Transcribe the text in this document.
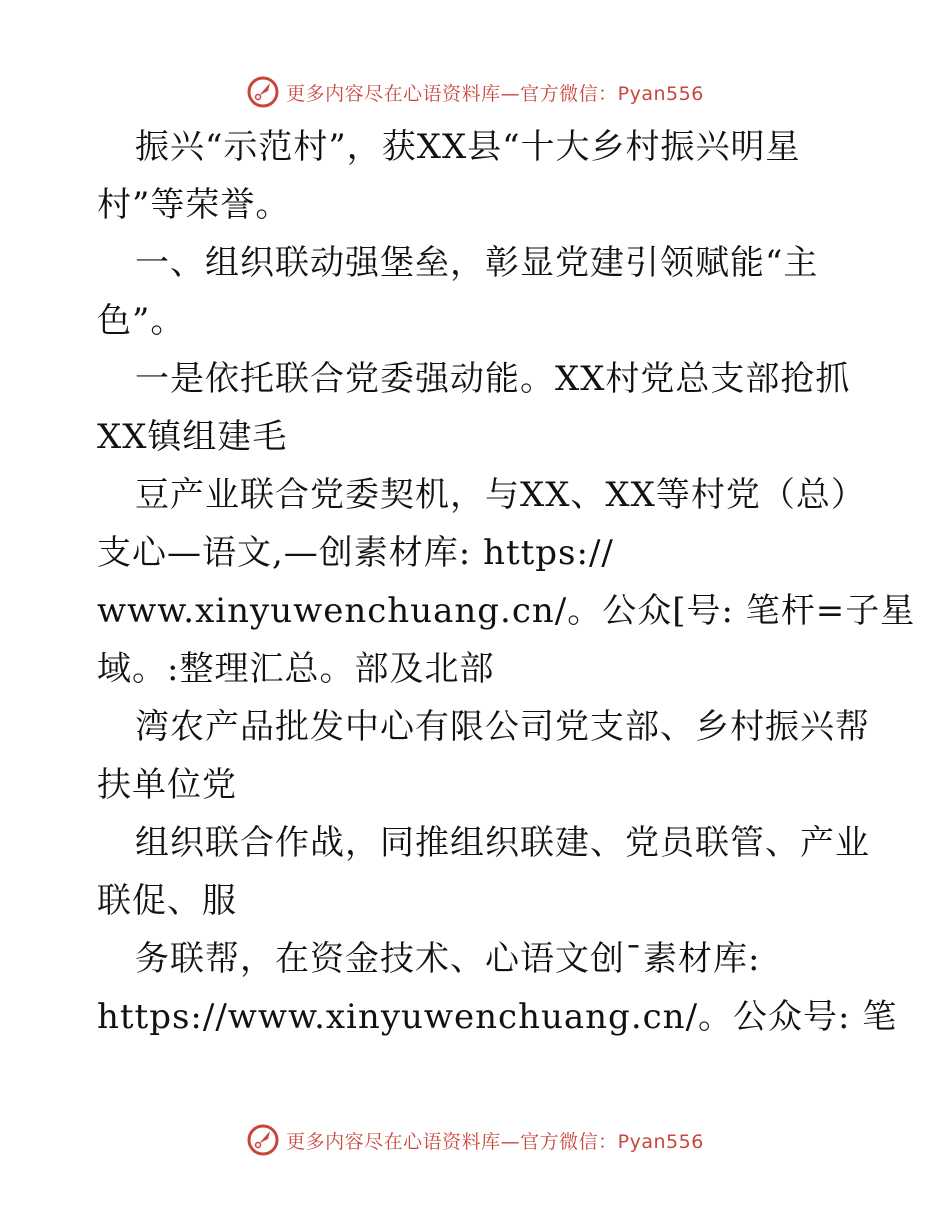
更多内容尽在心语资料库—官方微信：Pyan556
振兴“示范村”，获XX县“十大乡村振兴明星
村”等荣誉。
一、组织联动强堡垒，彰显党建引领赋能“主
色”。
一是依托联合党委强动能。XX村党总支部抢抓
XX镇组建毛
豆产业联合党委契机，与XX、XX等村党（总）
支心—语文,—创素材库: https://
www.xinyuwenchuang.cn/。公众[号: 笔杆=子星
域。:整理汇总。部及北部
湾农产品批发中心有限公司党支部、乡村振兴帮
扶单位党
组织联合作战，同推组织联建、党员联管、产业
联促、服
务联帮，在资金技术、心语文创¯素材库:
https://www.xinyuwenchuang.cn/。公众号: 笔
更多内容尽在心语资料库—官方微信：Pyan556
